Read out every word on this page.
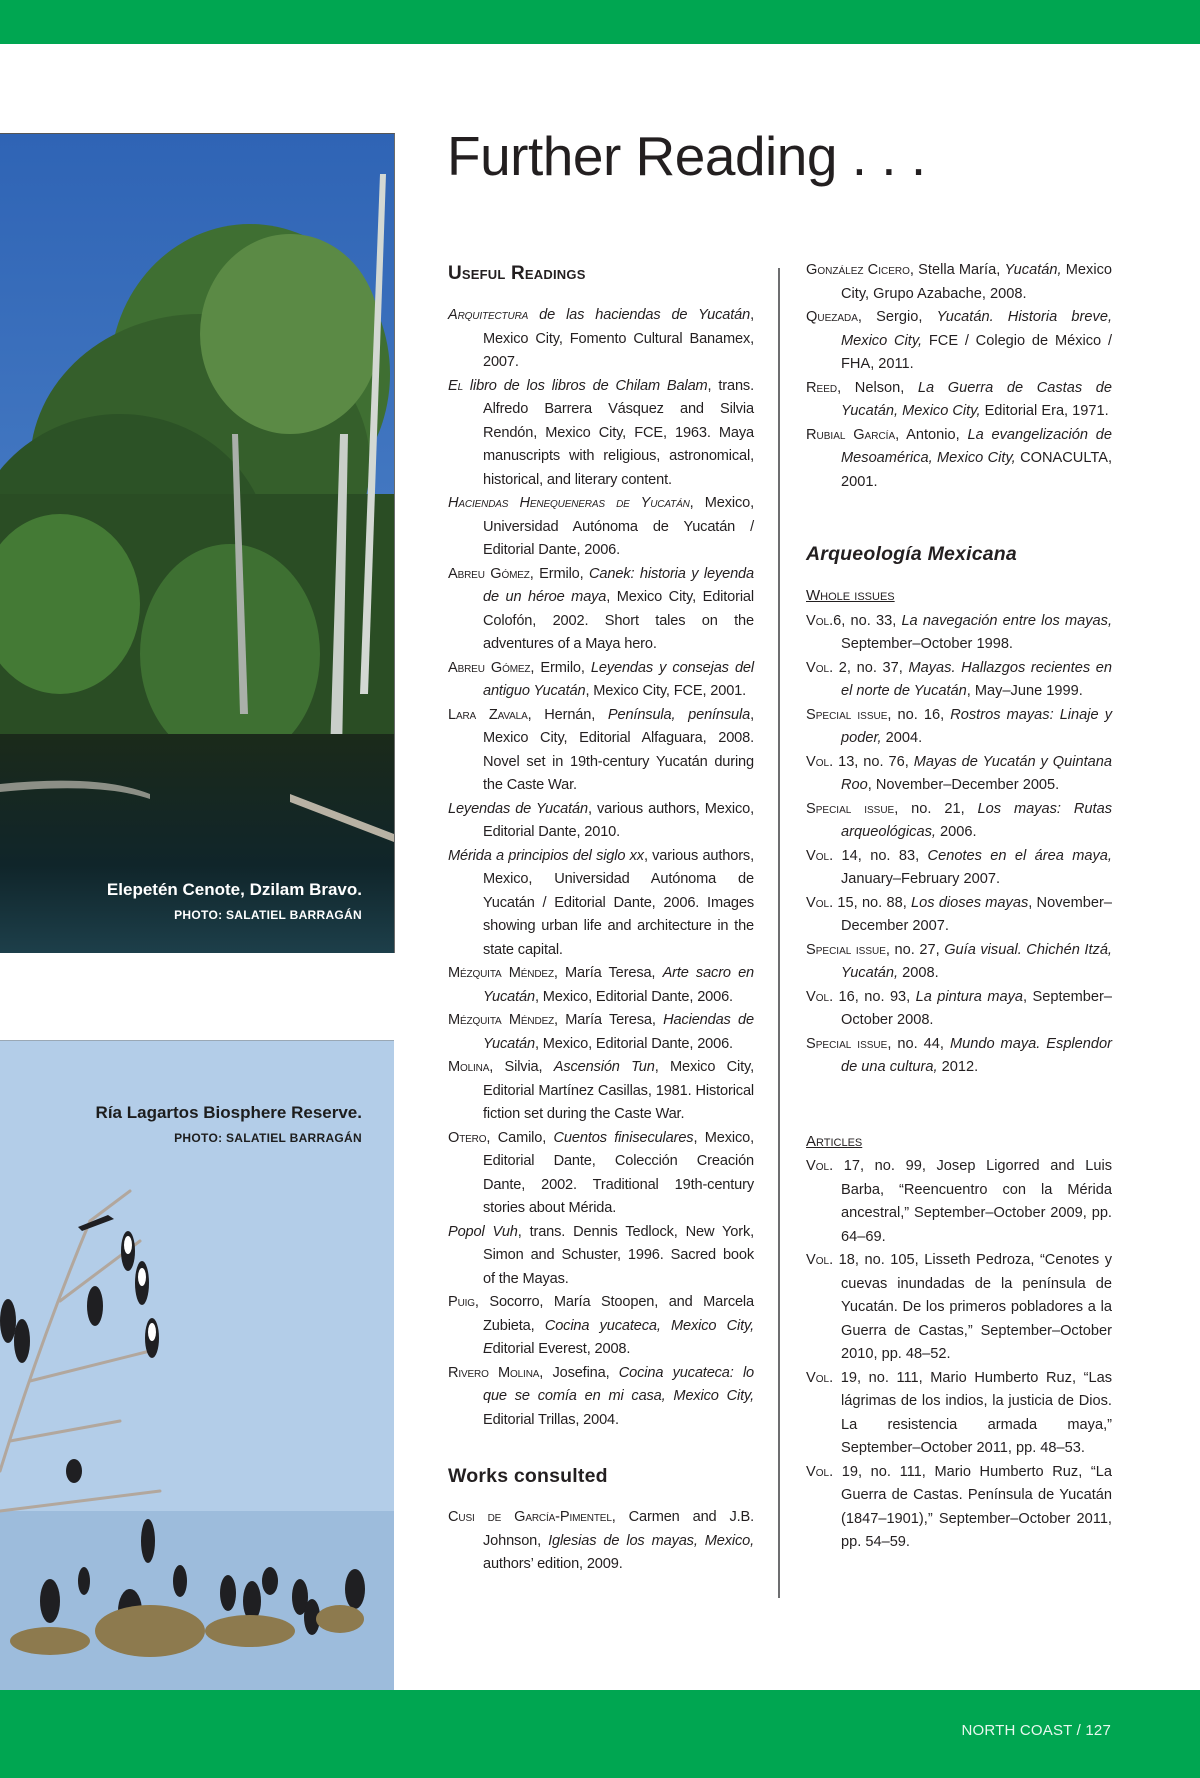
Elepetén Cenote, Dzilam Bravo.
PHOTO: SALATIEL BARRAGÁN
Ría Lagartos Biosphere Reserve.
PHOTO: SALATIEL BARRAGÁN
Further Reading . . .
Useful Readings

Arquitectura de las haciendas de Yucatán, Mexico City, Fomento Cultural Banamex, 2007.

El libro de los libros de Chilam Balam, trans. Alfredo Barrera Vásquez and Silvia Rendón, Mexico City, FCE, 1963. Maya manuscripts with religious, astronomical, historical, and literary content.

Haciendas Henequeneras de Yucatán, Mexico, Universidad Autónoma de Yucatán / Editorial Dante, 2006.

Abreu Gómez, Ermilo, Canek: historia y leyenda de un héroe maya, Mexico City, Editorial Colofón, 2002. Short tales on the adventures of a Maya hero.

Abreu Gómez, Ermilo, Leyendas y consejas del antiguo Yucatán, Mexico City, FCE, 2001.

Lara Zavala, Hernán, Península, península, Mexico City, Editorial Alfaguara, 2008. Novel set in 19th-century Yucatán during the Caste War.

Leyendas de Yucatán, various authors, Mexico, Editorial Dante, 2010.

Mérida a principios del siglo xx, various authors, Mexico, Universidad Autónoma de Yucatán / Editorial Dante, 2006. Images showing urban life and architecture in the state capital.

Mézquita Méndez, María Teresa, Arte sacro en Yucatán, Mexico, Editorial Dante, 2006.

Mézquita Méndez, María Teresa, Haciendas de Yucatán, Mexico, Editorial Dante, 2006.

Molina, Silvia, Ascensión Tun, Mexico City, Editorial Martínez Casillas, 1981. Historical fiction set during the Caste War.

Otero, Camilo, Cuentos finiseculares, Mexico, Editorial Dante, Colección Creación Dante, 2002. Traditional 19th-century stories about Mérida.

Popol Vuh, trans. Dennis Tedlock, New York, Simon and Schuster, 1996. Sacred book of the Mayas.

Puig, Socorro, María Stoopen, and Marcela Zubieta, Cocina yucateca, Mexico City, Editorial Everest, 2008.

Rivero Molina, Josefina, Cocina yucateca: lo que se comía en mi casa, Mexico City, Editorial Trillas, 2004.

Works consulted

Cusi de García-Pimentel, Carmen and J.B. Johnson, Iglesias de los mayas, Mexico, authors’ edition, 2009.

González Cicero, Stella María, Yucatán, Mexico City, Grupo Azabache, 2008.

Quezada, Sergio, Yucatán. Historia breve, Mexico City, FCE / Colegio de México / FHA, 2011.

Reed, Nelson, La Guerra de Castas de Yucatán, Mexico City, Editorial Era, 1971.

Rubial García, Antonio, La evangelización de Mesoamérica, Mexico City, CONACULTA, 2001.

Arqueología Mexicana
Whole issues

Vol.6, no. 33, La navegación entre los mayas, September–October 1998.

Vol. 2, no. 37, Mayas. Hallazgos recientes en el norte de Yucatán, May–June 1999.

Special issue, no. 16, Rostros mayas: Linaje y poder, 2004.

Vol. 13, no. 76, Mayas de Yucatán y Quintana Roo, November–December 2005.

Special issue, no. 21, Los mayas: Rutas arqueológicas, 2006.

Vol. 14, no. 83, Cenotes en el área maya, January–February 2007.

Vol. 15, no. 88, Los dioses mayas, November–December 2007.

Special issue, no. 27, Guía visual. Chichén Itzá, Yucatán, 2008.

Vol. 16, no. 93, La pintura maya, September–October 2008.

Special issue, no. 44, Mundo maya. Esplendor de una cultura, 2012.

Articles

Vol. 17, no. 99, Josep Ligorred and Luis Barba, “Reencuentro con la Mérida ancestral,” September–October 2009, pp. 64–69.

Vol. 18, no. 105, Lisseth Pedroza, “Cenotes y cuevas inundadas de la península de Yucatán. De los primeros pobladores a la Guerra de Castas,” September–October 2010, pp. 48–52.

Vol. 19, no. 111, Mario Humberto Ruz, “Las lágrimas de los indios, la justicia de Dios. La resistencia armada maya,” September–October 2011, pp. 48–53.

Vol. 19, no. 111, Mario Humberto Ruz, “La Guerra de Castas. Península de Yucatán (1847–1901),” September–October 2011, pp. 54–59.

NORTH COAST / 127
